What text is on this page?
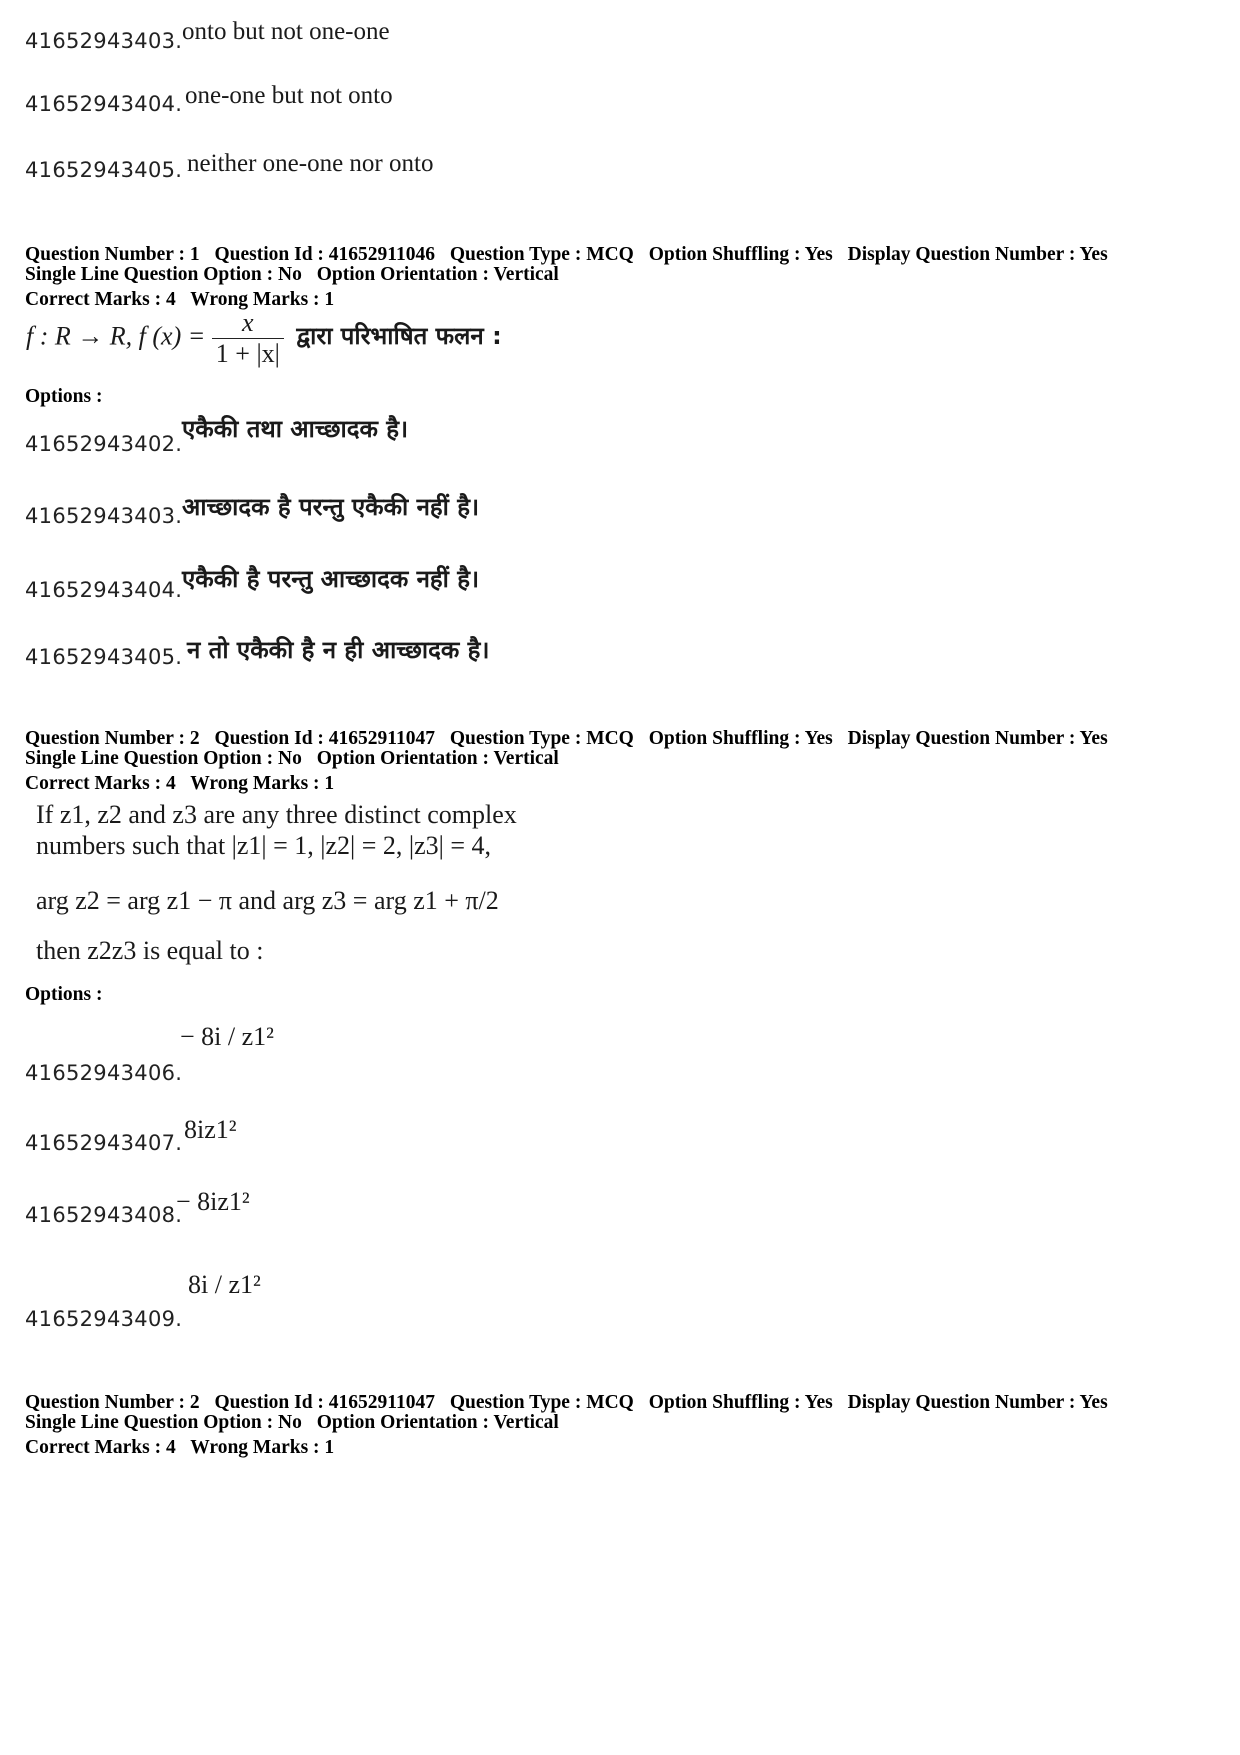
41652943403. onto but not one-one
41652943404. one-one but not onto
41652943405. neither one-one nor onto
Question Number : 1 Question Id : 41652911046 Question Type : MCQ Option Shuffling : Yes Display Question Number : Yes
Single Line Question Option : No Option Orientation : Vertical
Correct Marks : 4 Wrong Marks : 1
f : R → R, f $(x) = \frac{x}{1 + |x|}$ द्वारा परिभाषित फलन :
Options :
41652943402.
एकैकी तथा आच्छादक है।
41652943403. आच्छादक है परन्तु एकैकी नहीं है।
41652943404. एकैकी है परन्तु आच्छादक नहीं है।
41652943405. न तो एकैकी है न ही आच्छादक है।
Question Number : 2 Question Id : 41652911047 Question Type : MCQ Option Shuffling : Yes Display Question Number : Yes
Single Line Question Option : No Option Orientation : Vertical
Correct Marks : 4 Wrong Marks : 1
If z1, z2 and z3 are any three distinct complex
numbers such that |z1| = 1, |z2| = 2, |z3| = 4,
arg z2 = arg z1 − π and arg z3 = arg z1 + π/2
then z2z3 is equal to :
Options :
41652943406.
− 8i / z1²
41652943407. 8iz1²
41652943408.
− 8iz1²
41652943409.
8i / z1²
Question Number : 2 Question Id : 41652911047 Question Type : MCQ Option Shuffling : Yes Display Question Number : Yes
Single Line Question Option : No Option Orientation : Vertical
Correct Marks : 4 Wrong Marks : 1
